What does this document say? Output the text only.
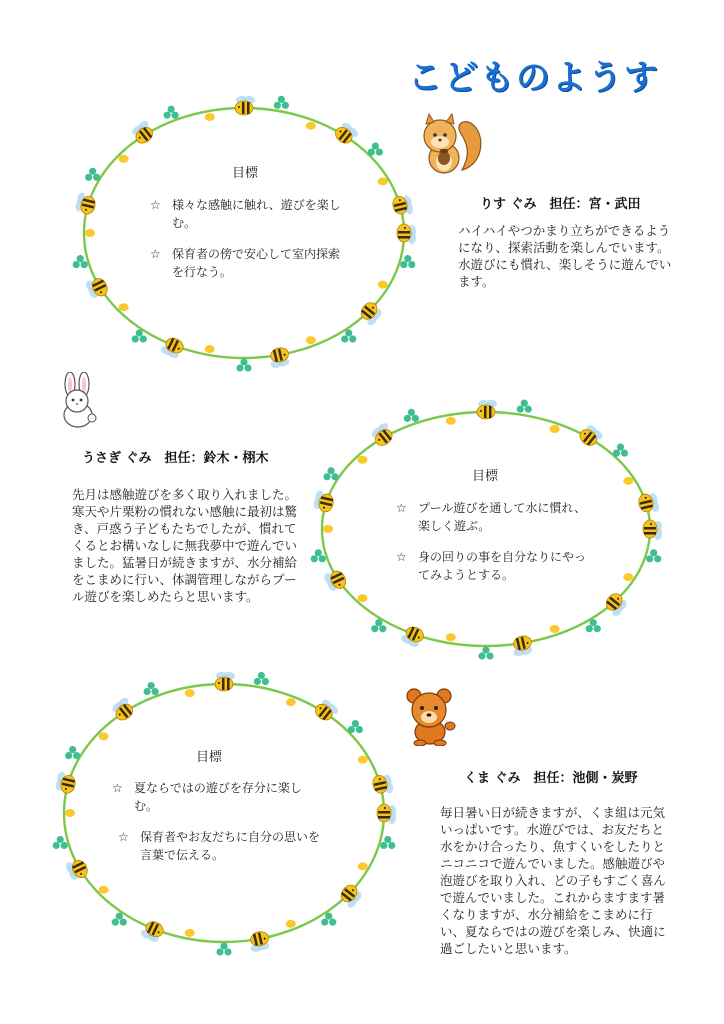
こどものようす
目標
☆ 様々な感触に触れ、遊びを楽しむ。
☆ 保育者の傍で安心して室内探索を行なう。
りす ぐみ　担任：宮・武田
ハイハイやつかまり立ちができるようになり、探索活動を楽しんでいます。水遊びにも慣れ、楽しそうに遊んでいます。
うさぎ ぐみ　担任：鈴木・栩木
先月は感触遊びを多く取り入れました。寒天や片栗粉の慣れない感触に最初は驚き、戸惑う子どもたちでしたが、慣れてくるとお構いなしに無我夢中で遊んでいました。猛暑日が続きますが、水分補給をこまめに行い、体調管理しながらプール遊びを楽しめたらと思います。
目標
☆ プール遊びを通して水に慣れ、楽しく遊ぶ。
☆ 身の回りの事を自分なりにやってみようとする。
目標
☆ 夏ならではの遊びを存分に楽しむ。
☆ 保育者やお友だちに自分の思いを言葉で伝える。
くま ぐみ　担任：池側・炭野
毎日暑い日が続きますが、くま組は元気いっぱいです。水遊びでは、お友だちと水をかけ合ったり、魚すくいをしたりとニコニコで遊んでいました。感触遊びや泡遊びを取り入れ、どの子もすごく喜んで遊んでいました。これからますます暑くなりますが、水分補給をこまめに行い、夏ならではの遊びを楽しみ、快適に過ごしたいと思います。
